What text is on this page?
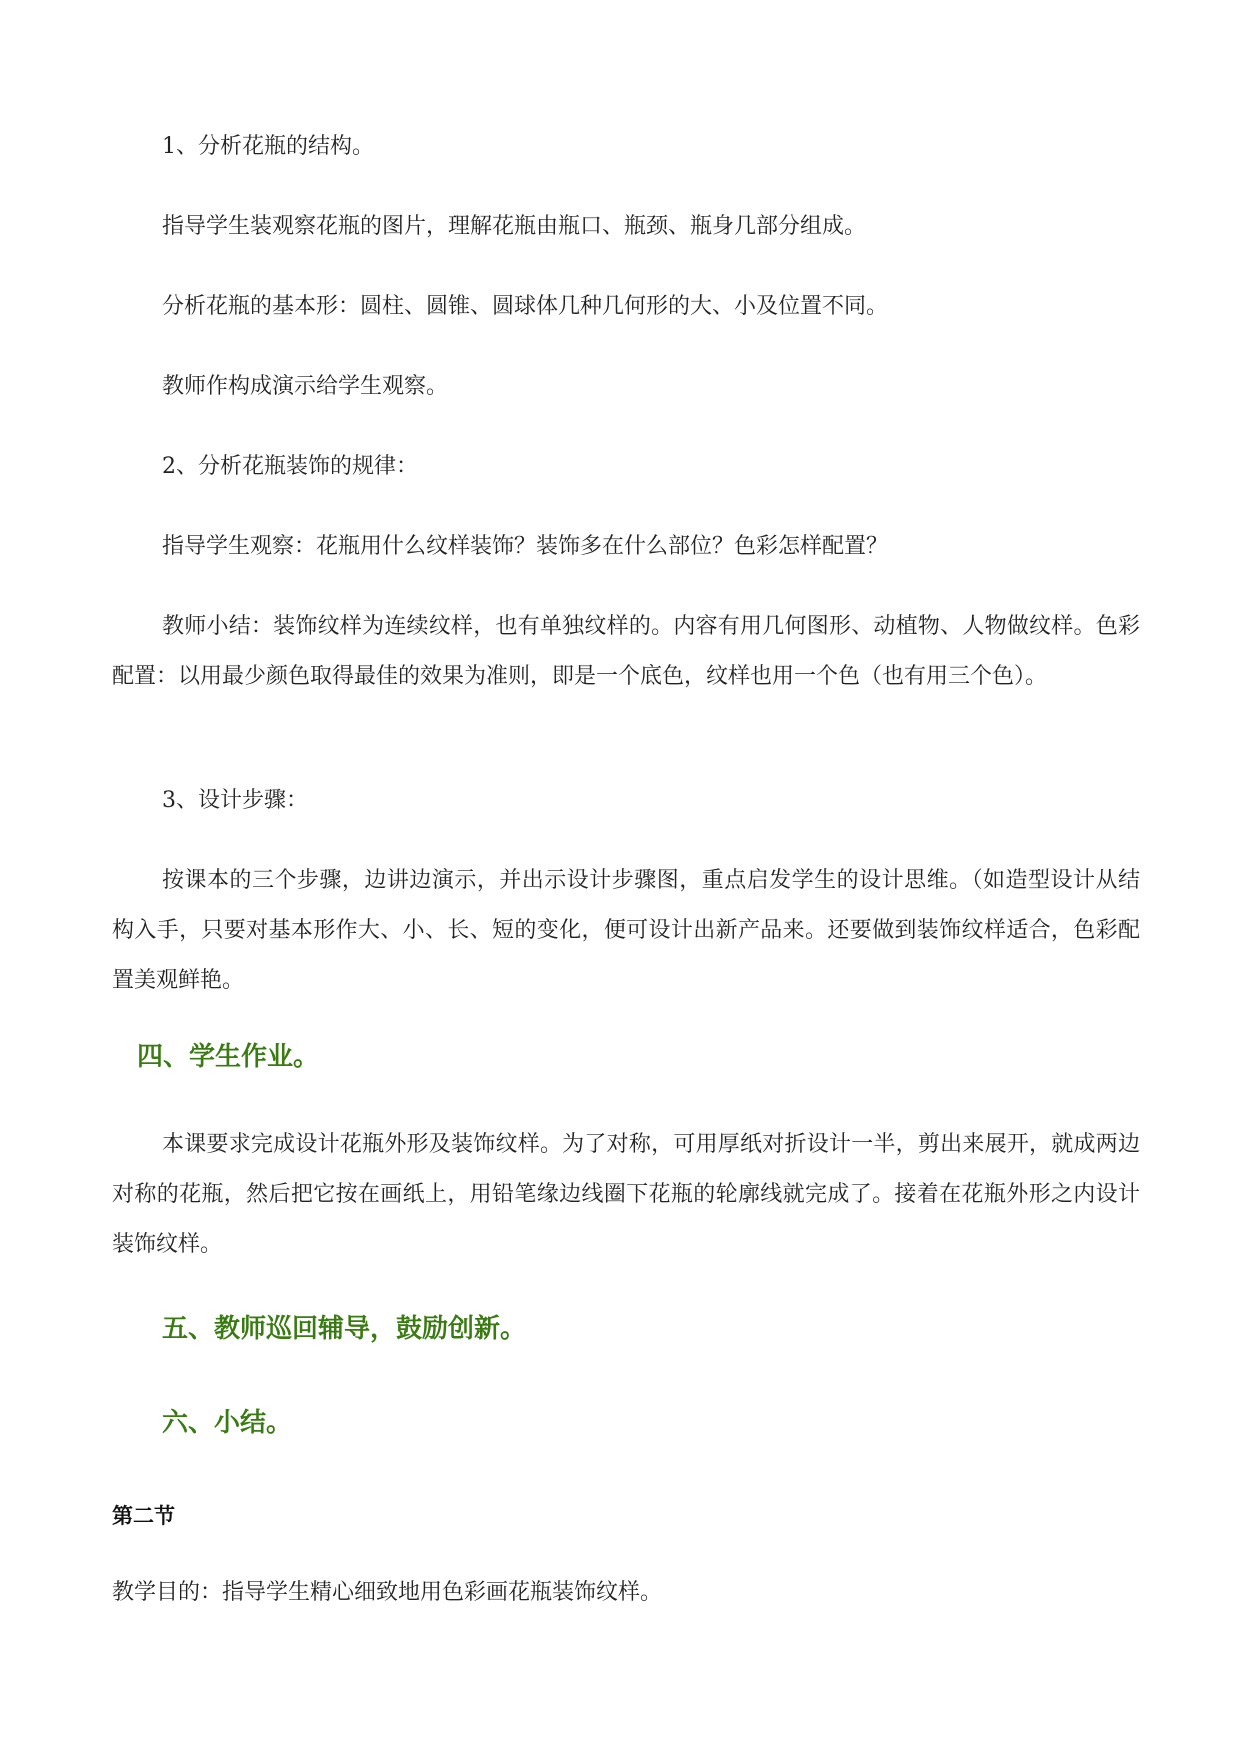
1、分析花瓶的结构。

指导学生装观察花瓶的图片，理解花瓶由瓶口、瓶颈、瓶身几部分组成。

分析花瓶的基本形：圆柱、圆锥、圆球体几种几何形的大、小及位置不同。

教师作构成演示给学生观察。

2、分析花瓶装饰的规律：

指导学生观察：花瓶用什么纹样装饰？装饰多在什么部位？色彩怎样配置？

教师小结：装饰纹样为连续纹样，也有单独纹样的。内容有用几何图形、动植物、人物做纹样。色彩配置：以用最少颜色取得最佳的效果为准则，即是一个底色，纹样也用一个色（也有用三个色）。

3、设计步骤：

按课本的三个步骤，边讲边演示，并出示设计步骤图，重点启发学生的设计思维。（如造型设计从结构入手，只要对基本形作大、小、长、短的变化，便可设计出新产品来。还要做到装饰纹样适合，色彩配置美观鲜艳。

四、学生作业。

本课要求完成设计花瓶外形及装饰纹样。为了对称，可用厚纸对折设计一半，剪出来展开，就成两边对称的花瓶，然后把它按在画纸上，用铅笔缘边线圈下花瓶的轮廓线就完成了。接着在花瓶外形之内设计装饰纹样。

五、教师巡回辅导，鼓励创新。
六、小结。
第二节

教学目的：指导学生精心细致地用色彩画花瓶装饰纹样。
